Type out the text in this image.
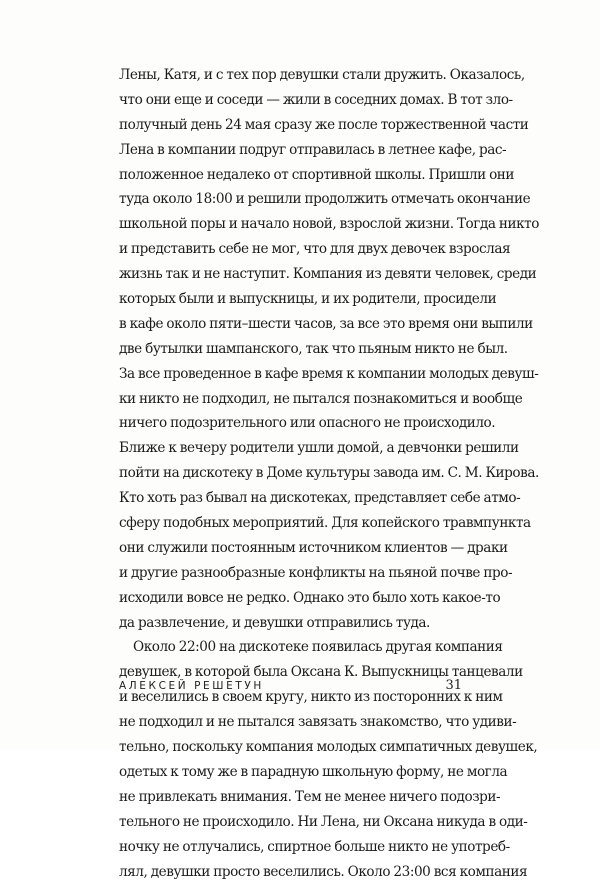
Лены, Катя, и с тех пор девушки стали дружить. Оказалось,
что они еще и соседи — жили в соседних домах. В тот зло-
получный день 24 мая сразу же после торжественной части
Лена в компании подруг отправилась в летнее кафе, рас-
положенное недалеко от спортивной школы. Пришли они
туда около 18:00 и решили продолжить отмечать окончание
школьной поры и начало новой, взрослой жизни. Тогда никто
и представить себе не мог, что для двух девочек взрослая
жизнь так и не наступит. Компания из девяти человек, среди
которых были и выпускницы, и их родители, просидели
в кафе около пяти–шести часов, за все это время они выпили
две бутылки шампанского, так что пьяным никто не был.
За все проведенное в кафе время к компании молодых девуш-
ки никто не подходил, не пытался познакомиться и вообще
ничего подозрительного или опасного не происходило.
Ближе к вечеру родители ушли домой, а девчонки решили
пойти на дискотеку в Доме культуры завода им. С. М. Кирова.
Кто хоть раз бывал на дискотеках, представляет себе атмо-
сферу подобных мероприятий. Для копейского травмпункта
они служили постоянным источником клиентов — драки
и другие разнообразные конфликты на пьяной почве про-
исходили вовсе не редко. Однако это было хоть какое-то
да развлечение, и девушки отправились туда.
Около 22:00 на дискотеке появилась другая компания
девушек, в которой была Оксана К. Выпускницы танцевали
и веселились в своем кругу, никто из посторонних к ним
не подходил и не пытался завязать знакомство, что удиви-
тельно, поскольку компания молодых симпатичных девушек,
одетых к тому же в парадную школьную форму, не могла
не привлекать внимания. Тем не менее ничего подозри-
тельного не происходило. Ни Лена, ни Оксана никуда в оди-
ночку не отлучались, спиртное больше никто не употреб-
лял, девушки просто веселились. Около 23:00 вся компания
АЛЕКСЕЙ РЕШЕТУН	31
